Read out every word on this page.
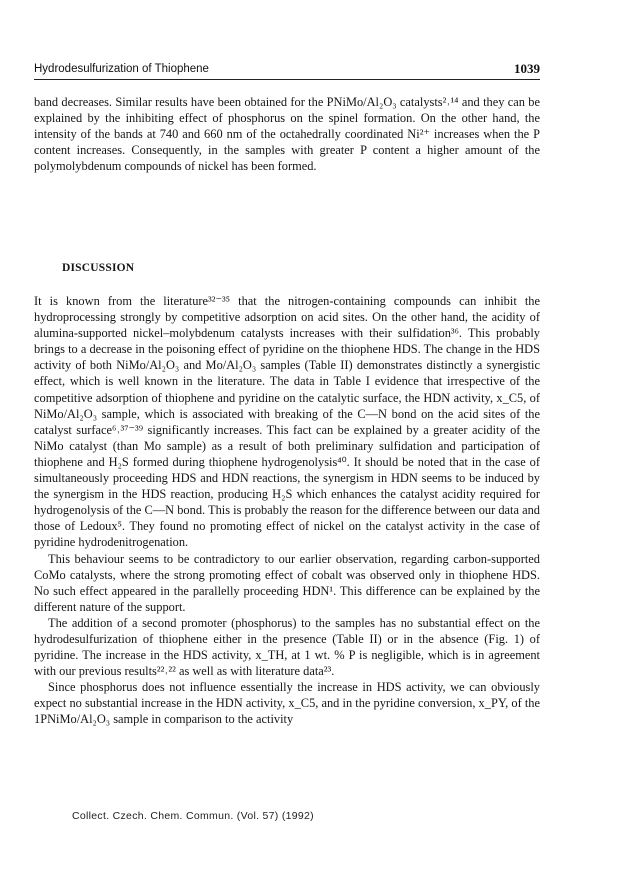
Hydrodesulfurization of Thiophene	1039

band decreases. Similar results have been obtained for the PNiMo/Al₂O₃ catalysts²˒¹⁴ and they can be explained by the inhibiting effect of phosphorus on the spinel formation. On the other hand, the intensity of the bands at 740 and 660 nm of the octahedrally coordinated Ni²⁺ increases when the P content increases. Consequently, in the samples with greater P content a higher amount of the polymolybdenum compounds of nickel has been formed.

DISCUSSION

It is known from the literature³²⁻³⁵ that the nitrogen-containing compounds can inhibit the hydroprocessing strongly by competitive adsorption on acid sites. On the other hand, the acidity of alumina-supported nickel–molybdenum catalysts increases with their sulfidation³⁶. This probably brings to a decrease in the poisoning effect of pyridine on the thiophene HDS. The change in the HDS activity of both NiMo/Al₂O₃ and Mo/Al₂O₃ samples (Table II) demonstrates distinctly a synergistic effect, which is well known in the literature. The data in Table I evidence that irrespective of the competitive adsorption of thiophene and pyridine on the catalytic surface, the HDN activity, x_C5, of NiMo/Al₂O₃ sample, which is associated with breaking of the C—N bond on the acid sites of the catalyst surface⁶˒³⁷⁻³⁹ significantly increases. This fact can be explained by a greater acidity of the NiMo catalyst (than Mo sample) as a result of both preliminary sulfidation and participation of thiophene and H₂S formed during thiophene hydrogenolysis⁴⁰. It should be noted that in the case of simultaneously proceeding HDS and HDN reactions, the synergism in HDN seems to be induced by the synergism in the HDS reaction, producing H₂S which enhances the catalyst acidity required for hydrogenolysis of the C—N bond. This is probably the reason for the difference between our data and those of Ledoux⁵. They found no promoting effect of nickel on the catalyst activity in the case of pyridine hydrodenitrogenation.

This behaviour seems to be contradictory to our earlier observation, regarding carbon-supported CoMo catalysts, where the strong promoting effect of cobalt was observed only in thiophene HDS. No such effect appeared in the parallelly proceeding HDN¹. This difference can be explained by the different nature of the support.

The addition of a second promoter (phosphorus) to the samples has no substantial effect on the hydrodesulfurization of thiophene either in the presence (Table II) or in the absence (Fig. 1) of pyridine. The increase in the HDS activity, x_TH, at 1 wt. % P is negligible, which is in agreement with our previous results²²˒²² as well as with literature data²³.

Since phosphorus does not influence essentially the increase in HDS activity, we can obviously expect no substantial increase in the HDN activity, x_C5, and in the pyridine conversion, x_PY, of the 1PNiMo/Al₂O₃ sample in comparison to the activity

Collect. Czech. Chem. Commun. (Vol. 57) (1992)
